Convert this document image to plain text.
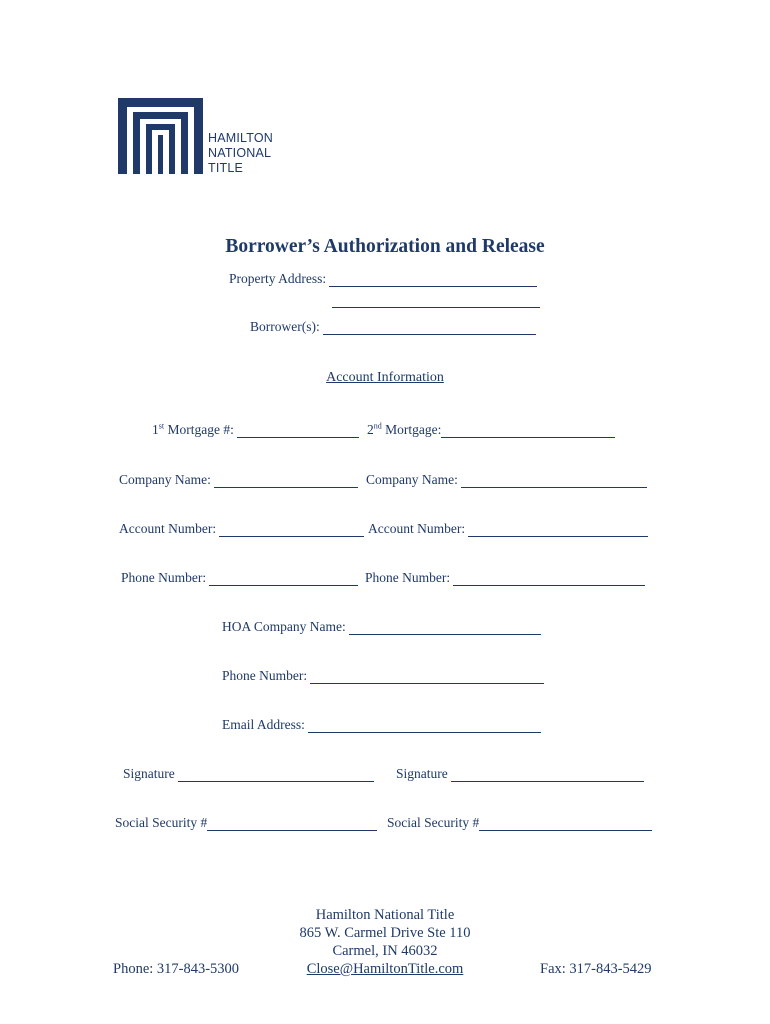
HAMILTON
NATIONAL
TITLE
Borrower’s Authorization and Release
Property Address:
Borrower(s):
Account Information
1st Mortgage #:	2nd Mortgage:
Company Name:	Company Name:
Account Number:	Account Number:
Phone Number:	Phone Number:
HOA Company Name:
Phone Number:
Email Address:
Signature	Signature
Social Security #	Social Security #
Hamilton National Title
865 W. Carmel Drive Ste 110
Carmel, IN 46032
Close@HamiltonTitle.com
Phone: 317-843-5300	Fax: 317-843-5429
